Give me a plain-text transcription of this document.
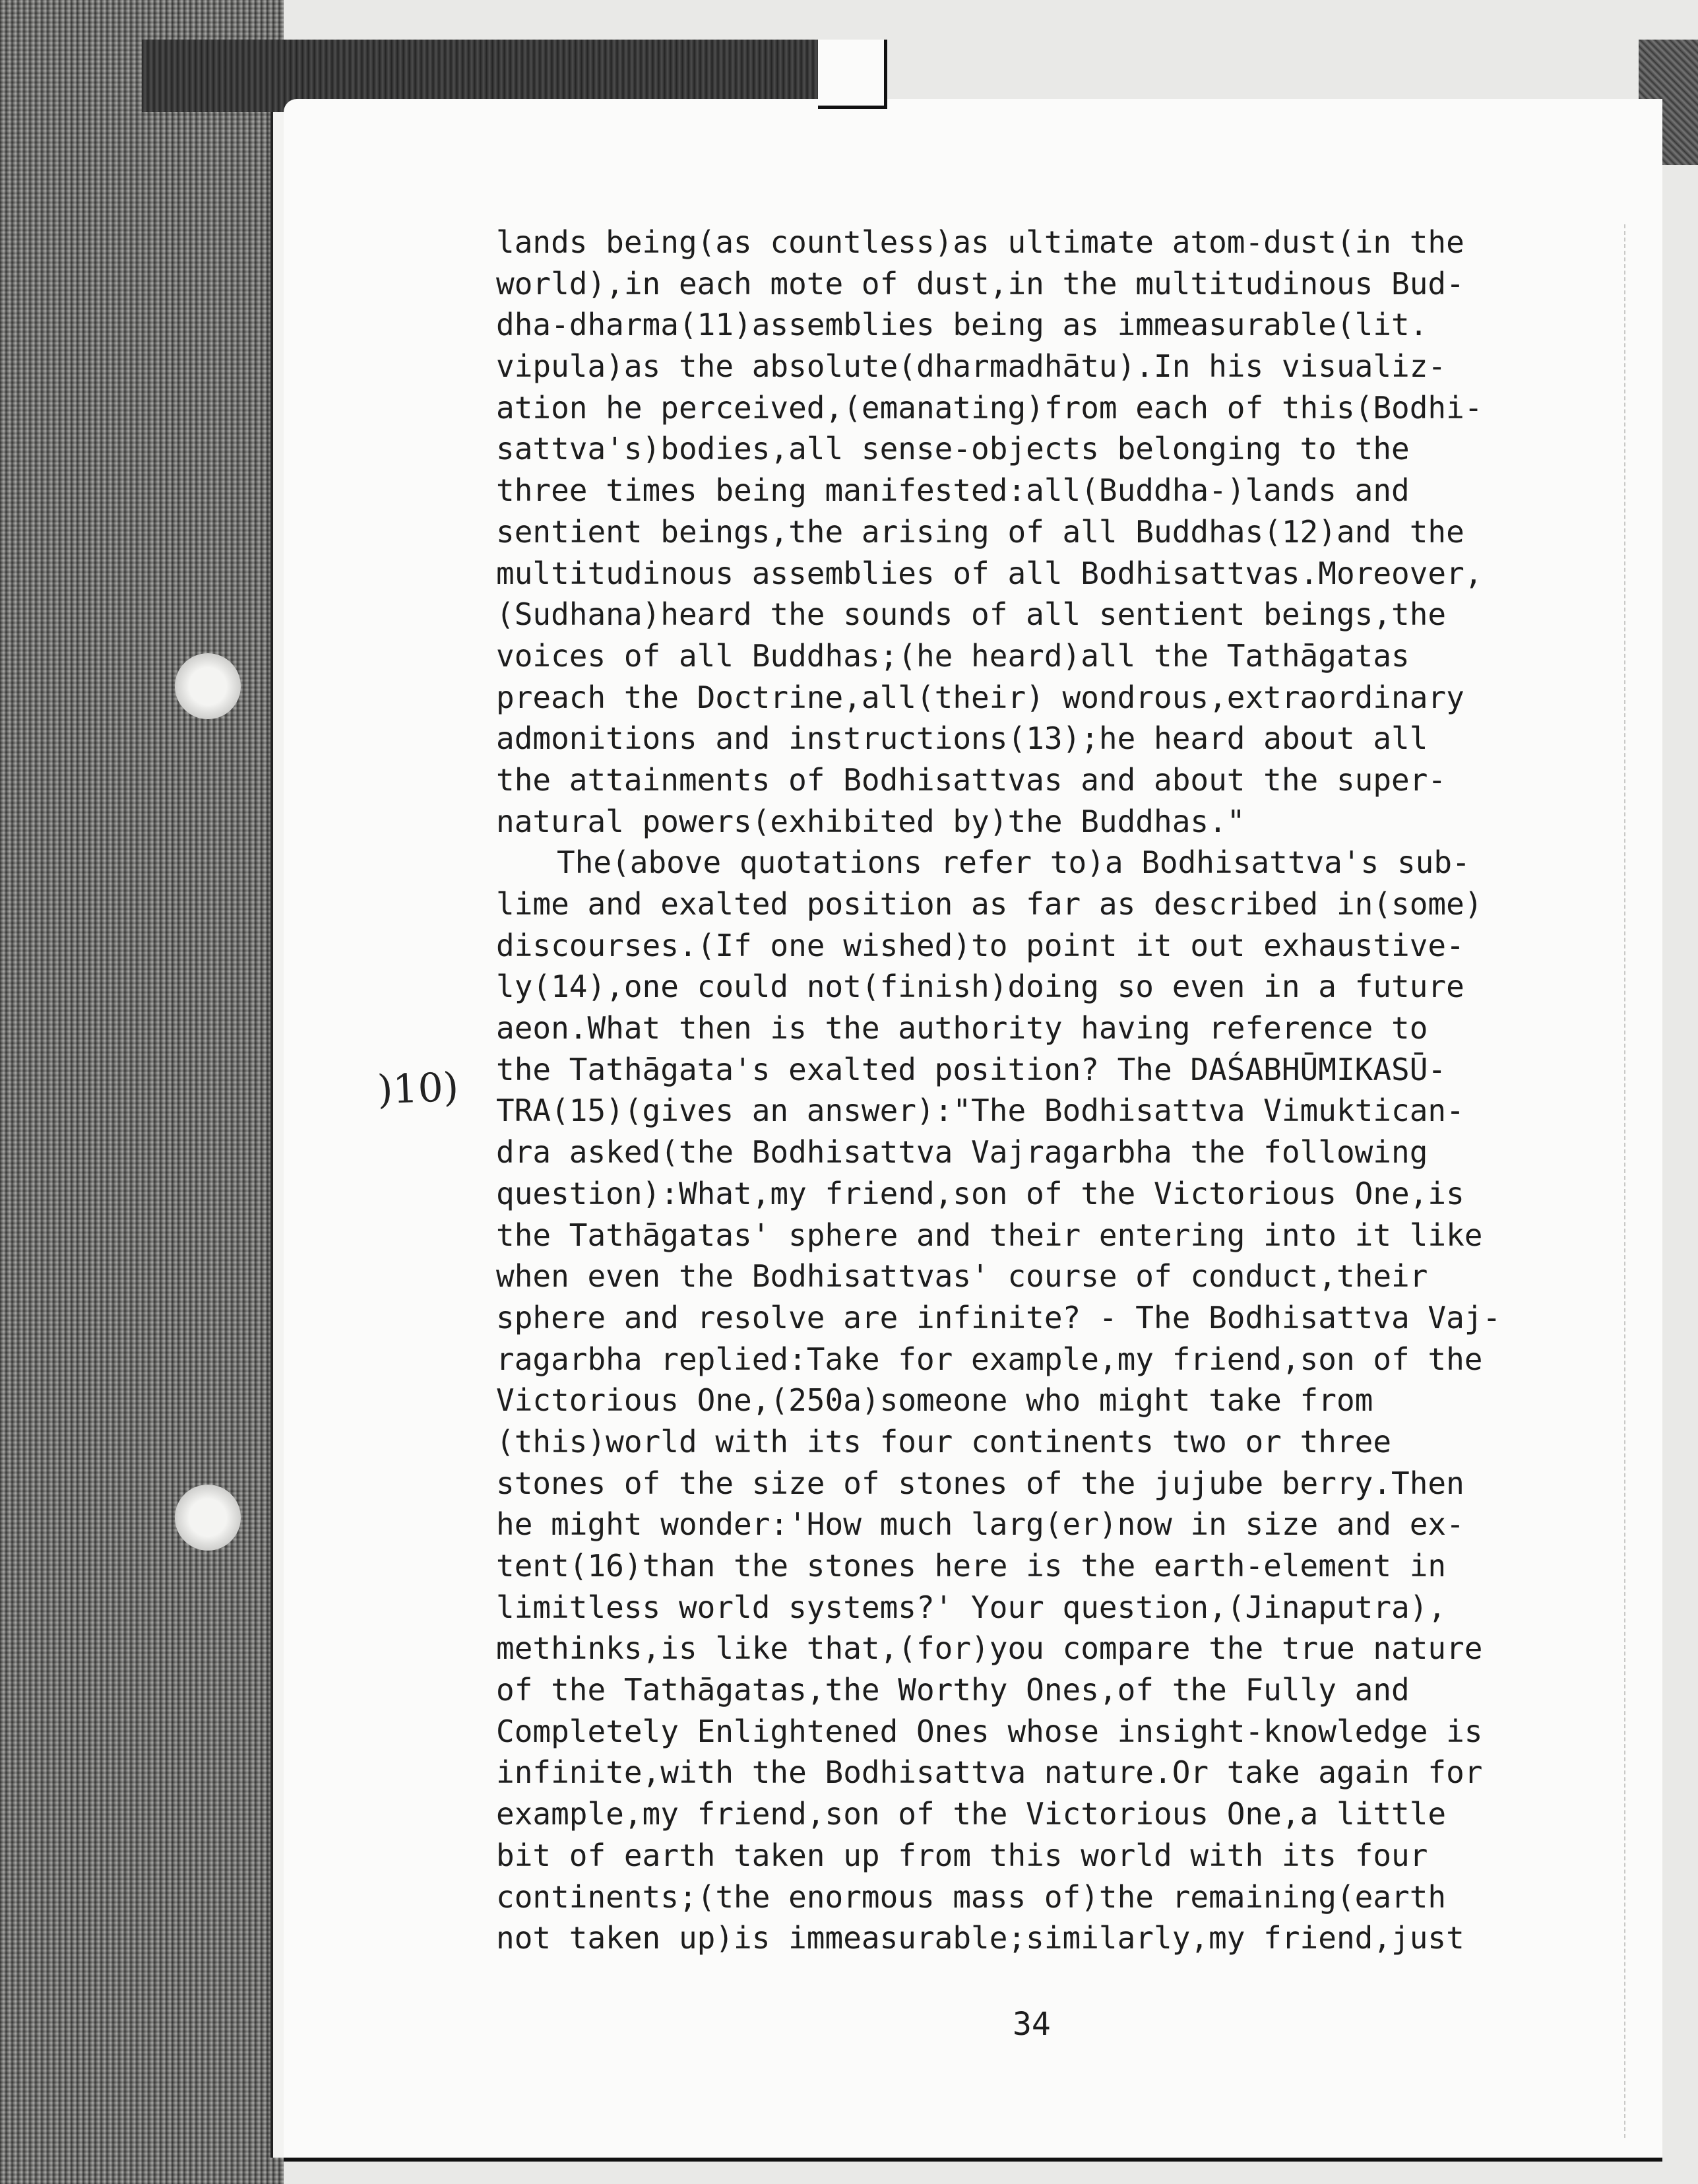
)10)
lands being(as countless)as ultimate atom-dust(in the
world),in each mote of dust,in the multitudinous Bud-
dha-dharma(11)assemblies being as immeasurable(lit.
vipula)as the absolute(dharmadhātu).In his visualiz-
ation he perceived,(emanating)from each of this(Bodhi-
sattva's)bodies,all sense-objects belonging to the
three times being manifested:all(Buddha-)lands and
sentient beings,the arising of all Buddhas(12)and the
multitudinous assemblies of all Bodhisattvas.Moreover,
(Sudhana)heard the sounds of all sentient beings,the
voices of all Buddhas;(he heard)all the Tathāgatas
preach the Doctrine,all(their) wondrous,extraordinary
admonitions and instructions(13);he heard about all
the attainments of Bodhisattvas and about the super-
natural powers(exhibited by)the Buddhas."
The(above quotations refer to)a Bodhisattva's sub-
lime and exalted position as far as described in(some)
discourses.(If one wished)to point it out exhaustive-
ly(14),one could not(finish)doing so even in a future
aeon.What then is the authority having reference to
the Tathāgata's exalted position? The DAŚABHŪMIKASŪ-
TRA(15)(gives an answer):"The Bodhisattva Vimuktican-
dra asked(the Bodhisattva Vajragarbha the following
question):What,my friend,son of the Victorious One,is
the Tathāgatas' sphere and their entering into it like
when even the Bodhisattvas' course of conduct,their
sphere and resolve are infinite? - The Bodhisattva Vaj-
ragarbha replied:Take for example,my friend,son of the
Victorious One,(250a)someone who might take from
(this)world with its four continents two or three
stones of the size of stones of the jujube berry.Then
he might wonder:'How much larg(er)now in size and ex-
tent(16)than the stones here is the earth-element in
limitless world systems?' Your question,(Jinaputra),
methinks,is like that,(for)you compare the true nature
of the Tathāgatas,the Worthy Ones,of the Fully and
Completely Enlightened Ones whose insight-knowledge is
infinite,with the Bodhisattva nature.Or take again for
example,my friend,son of the Victorious One,a little
bit of earth taken up from this world with its four
continents;(the enormous mass of)the remaining(earth
not taken up)is immeasurable;similarly,my friend,just
34
